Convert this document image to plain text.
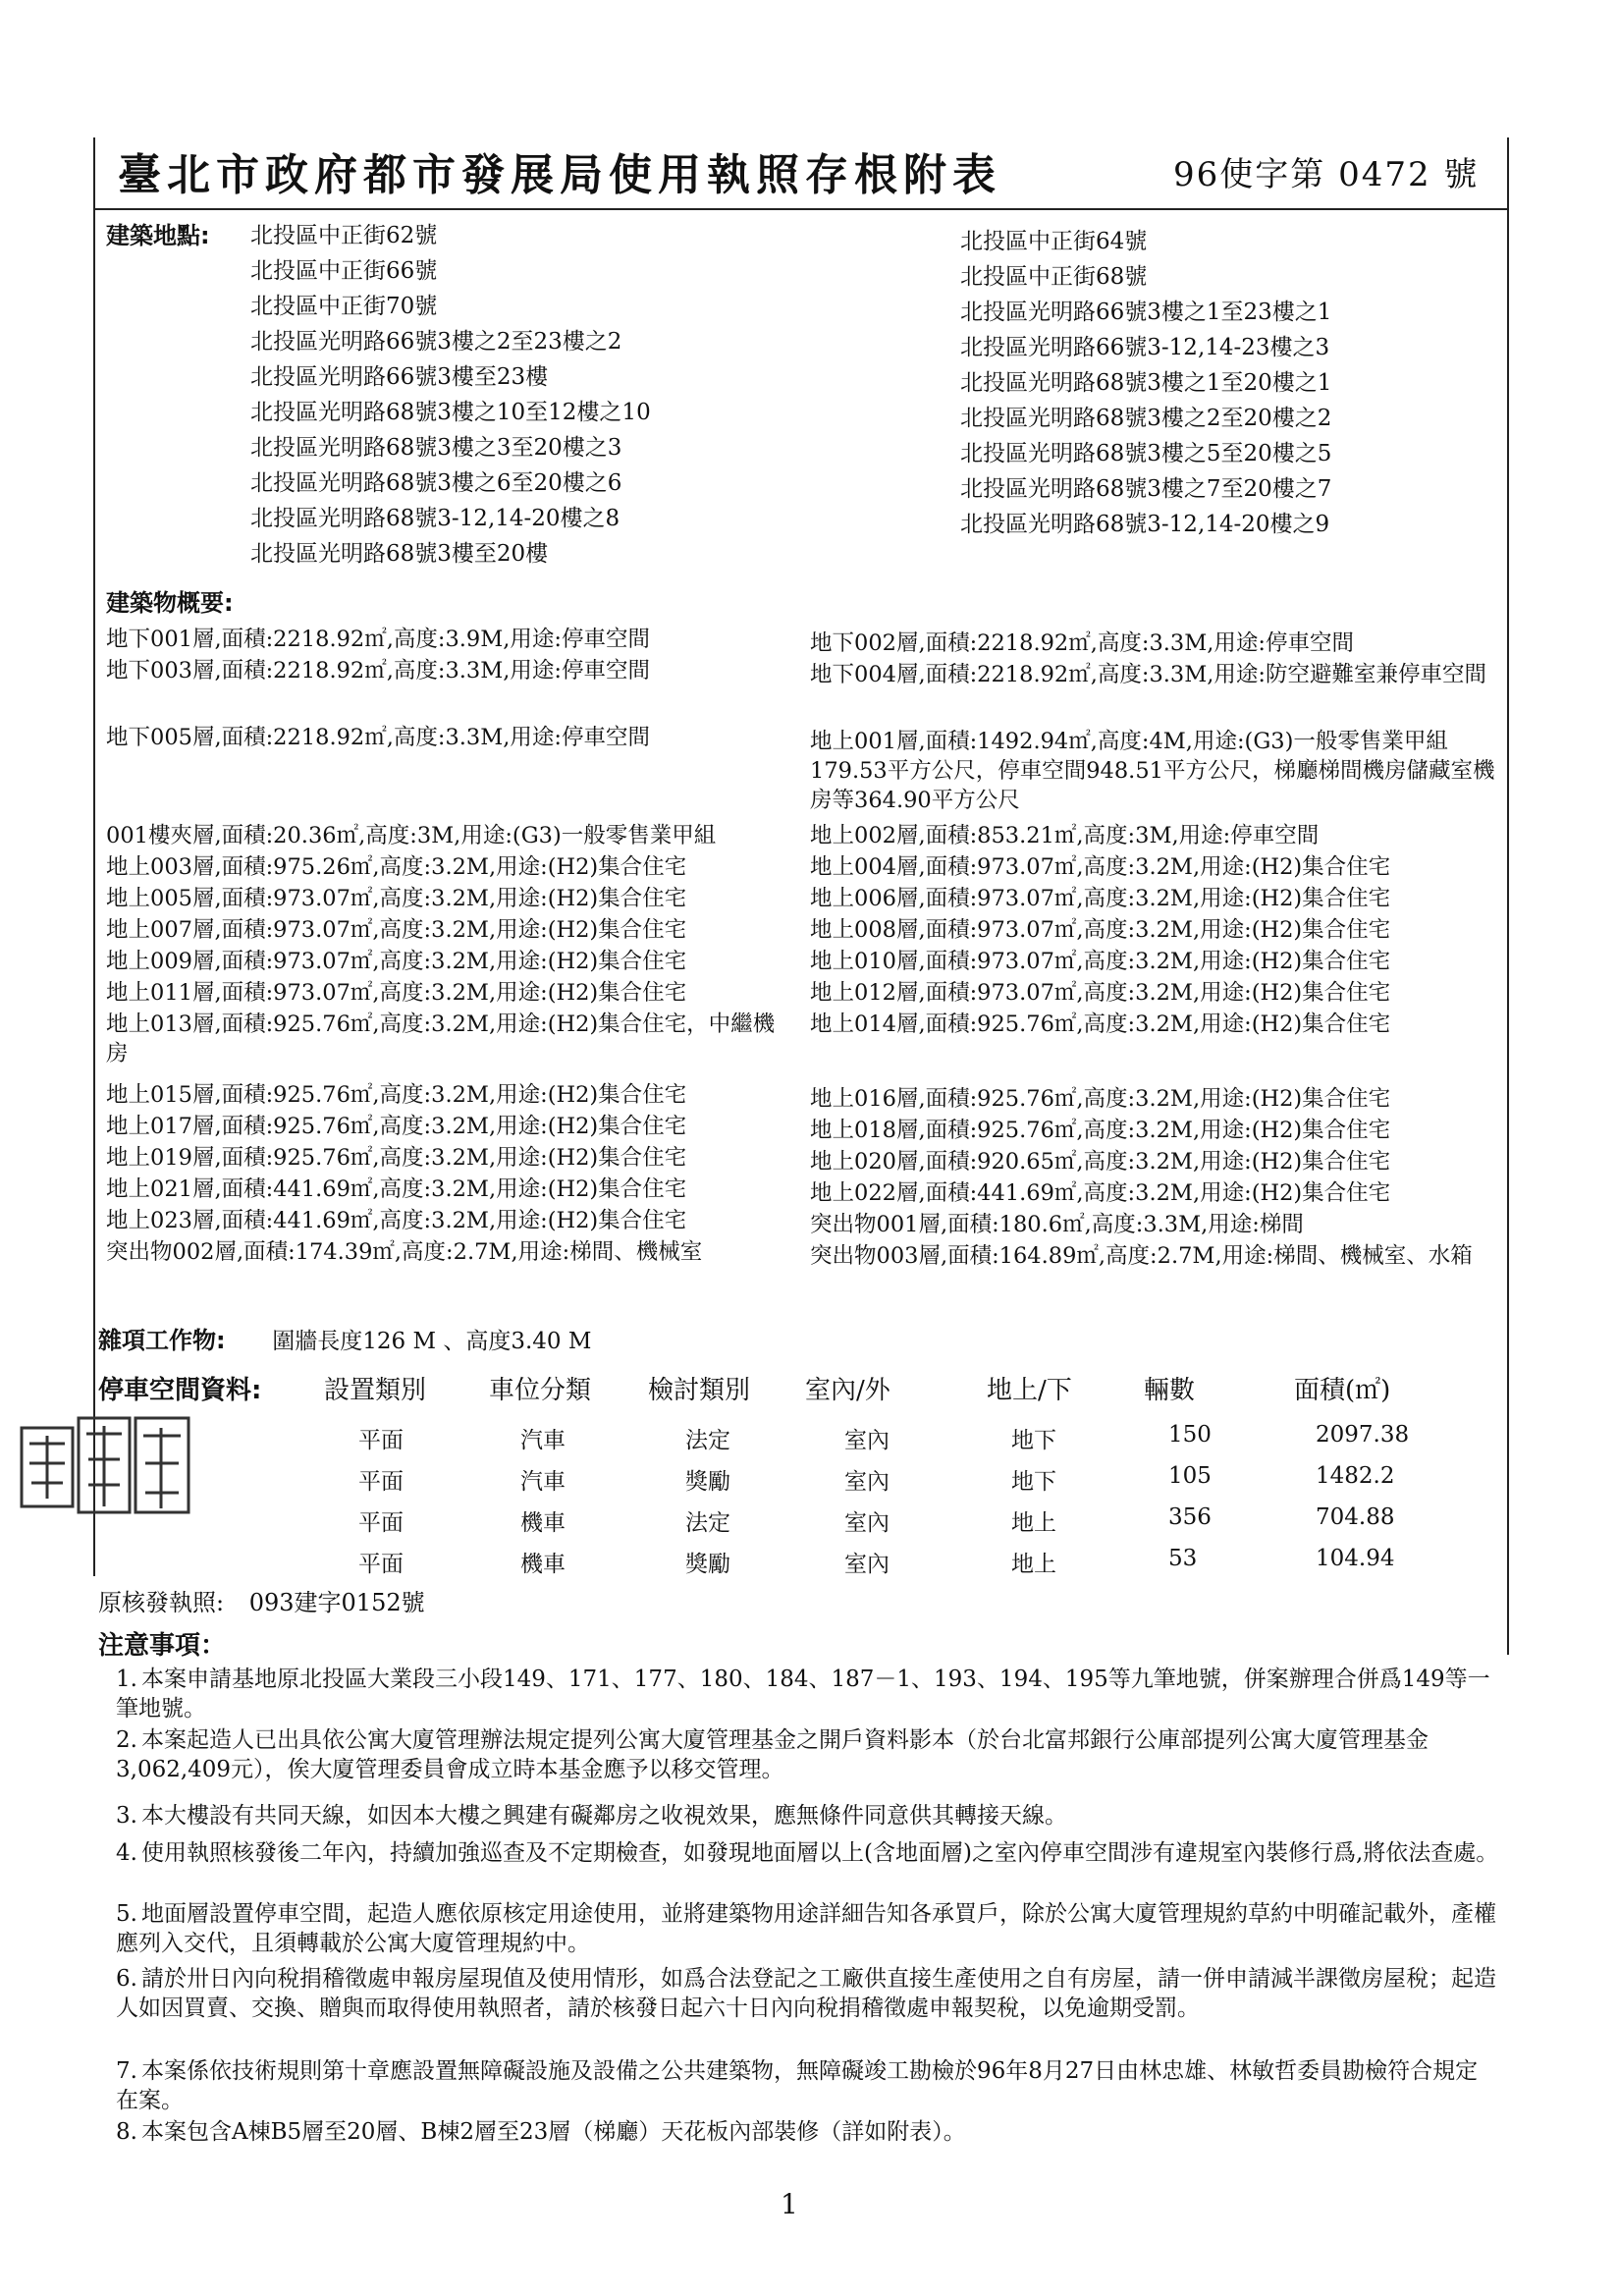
臺北市政府都市發展局使用執照存根附表	96使字第 0472 號
建築地點: 北投區中正街62號
北投區中正街66號
北投區中正街70號
北投區光明路66號3樓之2至23樓之2
北投區光明路66號3樓至23樓
北投區光明路68號3樓之10至12樓之10
北投區光明路68號3樓之3至20樓之3
北投區光明路68號3樓之6至20樓之6
北投區光明路68號3-12,14-20樓之8
北投區光明路68號3樓至20樓
北投區中正街64號
北投區中正街68號
北投區光明路66號3樓之1至23樓之1
北投區光明路66號3-12,14-23樓之3
北投區光明路68號3樓之1至20樓之1
北投區光明路68號3樓之2至20樓之2
北投區光明路68號3樓之5至20樓之5
北投區光明路68號3樓之7至20樓之7
北投區光明路68號3-12,14-20樓之9
建築物概要:
地下001層,面積:2218.92㎡,高度:3.9M,用途:停車空間
地下003層,面積:2218.92㎡,高度:3.3M,用途:停車空間
地下005層,面積:2218.92㎡,高度:3.3M,用途:停車空間
001樓夾層,面積:20.36㎡,高度:3M,用途:(G3)一般零售業甲組
地上003層,面積:975.26㎡,高度:3.2M,用途:(H2)集合住宅
地上005層,面積:973.07㎡,高度:3.2M,用途:(H2)集合住宅
地上007層,面積:973.07㎡,高度:3.2M,用途:(H2)集合住宅
地上009層,面積:973.07㎡,高度:3.2M,用途:(H2)集合住宅
地上011層,面積:973.07㎡,高度:3.2M,用途:(H2)集合住宅
地上013層,面積:925.76㎡,高度:3.2M,用途:(H2)集合住宅，中繼機房
地上015層,面積:925.76㎡,高度:3.2M,用途:(H2)集合住宅
地上017層,面積:925.76㎡,高度:3.2M,用途:(H2)集合住宅
地上019層,面積:925.76㎡,高度:3.2M,用途:(H2)集合住宅
地上021層,面積:441.69㎡,高度:3.2M,用途:(H2)集合住宅
地上023層,面積:441.69㎡,高度:3.2M,用途:(H2)集合住宅
突出物002層,面積:174.39㎡,高度:2.7M,用途:梯間、機械室
地下002層,面積:2218.92㎡,高度:3.3M,用途:停車空間
地下004層,面積:2218.92㎡,高度:3.3M,用途:防空避難室兼停車空間
地上001層,面積:1492.94㎡,高度:4M,用途:(G3)一般零售業甲組179.53平方公尺，停車空間948.51平方公尺，梯廳梯間機房儲藏室機房等364.90平方公尺
地上002層,面積:853.21㎡,高度:3M,用途:停車空間
地上004層,面積:973.07㎡,高度:3.2M,用途:(H2)集合住宅
地上006層,面積:973.07㎡,高度:3.2M,用途:(H2)集合住宅
地上008層,面積:973.07㎡,高度:3.2M,用途:(H2)集合住宅
地上010層,面積:973.07㎡,高度:3.2M,用途:(H2)集合住宅
地上012層,面積:973.07㎡,高度:3.2M,用途:(H2)集合住宅
地上014層,面積:925.76㎡,高度:3.2M,用途:(H2)集合住宅
地上016層,面積:925.76㎡,高度:3.2M,用途:(H2)集合住宅
地上018層,面積:925.76㎡,高度:3.2M,用途:(H2)集合住宅
地上020層,面積:920.65㎡,高度:3.2M,用途:(H2)集合住宅
地上022層,面積:441.69㎡,高度:3.2M,用途:(H2)集合住宅
突出物001層,面積:180.6㎡,高度:3.3M,用途:梯間
突出物003層,面積:164.89㎡,高度:2.7M,用途:梯間、機械室、水箱
雜項工作物: 圍牆長度126 M 、高度3.40 M
停車空間資料: 設置類別 車位分類 檢討類別 室內/外	地上/下	輛數	面積(㎡)
平面	汽車	法定	室內	地下	150	2097.38
平面	汽車	獎勵	室內	地下	105	1482.2
平面	機車	法定	室內	地上	356	704.88
平面	機車	獎勵	室內	地上	53	104.94
原核發執照: 093建字0152號
注意事項：
1. 本案申請基地原北投區大業段三小段149、171、177、180、184、187－1、193、194、195等九筆地號，併案辦理合併爲149等一筆地號。
2. 本案起造人已出具依公寓大廈管理辦法規定提列公寓大廈管理基金之開戶資料影本（於台北富邦銀行公庫部提列公寓大廈管理基金3,062,409元），俟大廈管理委員會成立時本基金應予以移交管理。
3. 本大樓設有共同天線，如因本大樓之興建有礙鄰房之收視效果，應無條件同意供其轉接天線。
4. 使用執照核發後二年內，持續加強巡查及不定期檢查，如發現地面層以上(含地面層)之室內停車空間涉有違規室內裝修行爲,將依法查處。
5. 地面層設置停車空間，起造人應依原核定用途使用，並將建築物用途詳細告知各承買戶，除於公寓大廈管理規約草約中明確記載外，產權應列入交代，且須轉載於公寓大廈管理規約中。
6. 請於卅日內向稅捐稽徵處申報房屋現值及使用情形，如爲合法登記之工廠供直接生產使用之自有房屋，請一併申請減半課徵房屋稅；起造人如因買賣、交換、贈與而取得使用執照者，請於核發日起六十日內向稅捐稽徵處申報契稅，以免逾期受罰。
7. 本案係依技術規則第十章應設置無障礙設施及設備之公共建築物，無障礙竣工勘檢於96年8月27日由林忠雄、林敏哲委員勘檢符合規定在案。
8. 本案包含A棟B5層至20層、B棟2層至23層（梯廳）天花板內部裝修（詳如附表）。
1
